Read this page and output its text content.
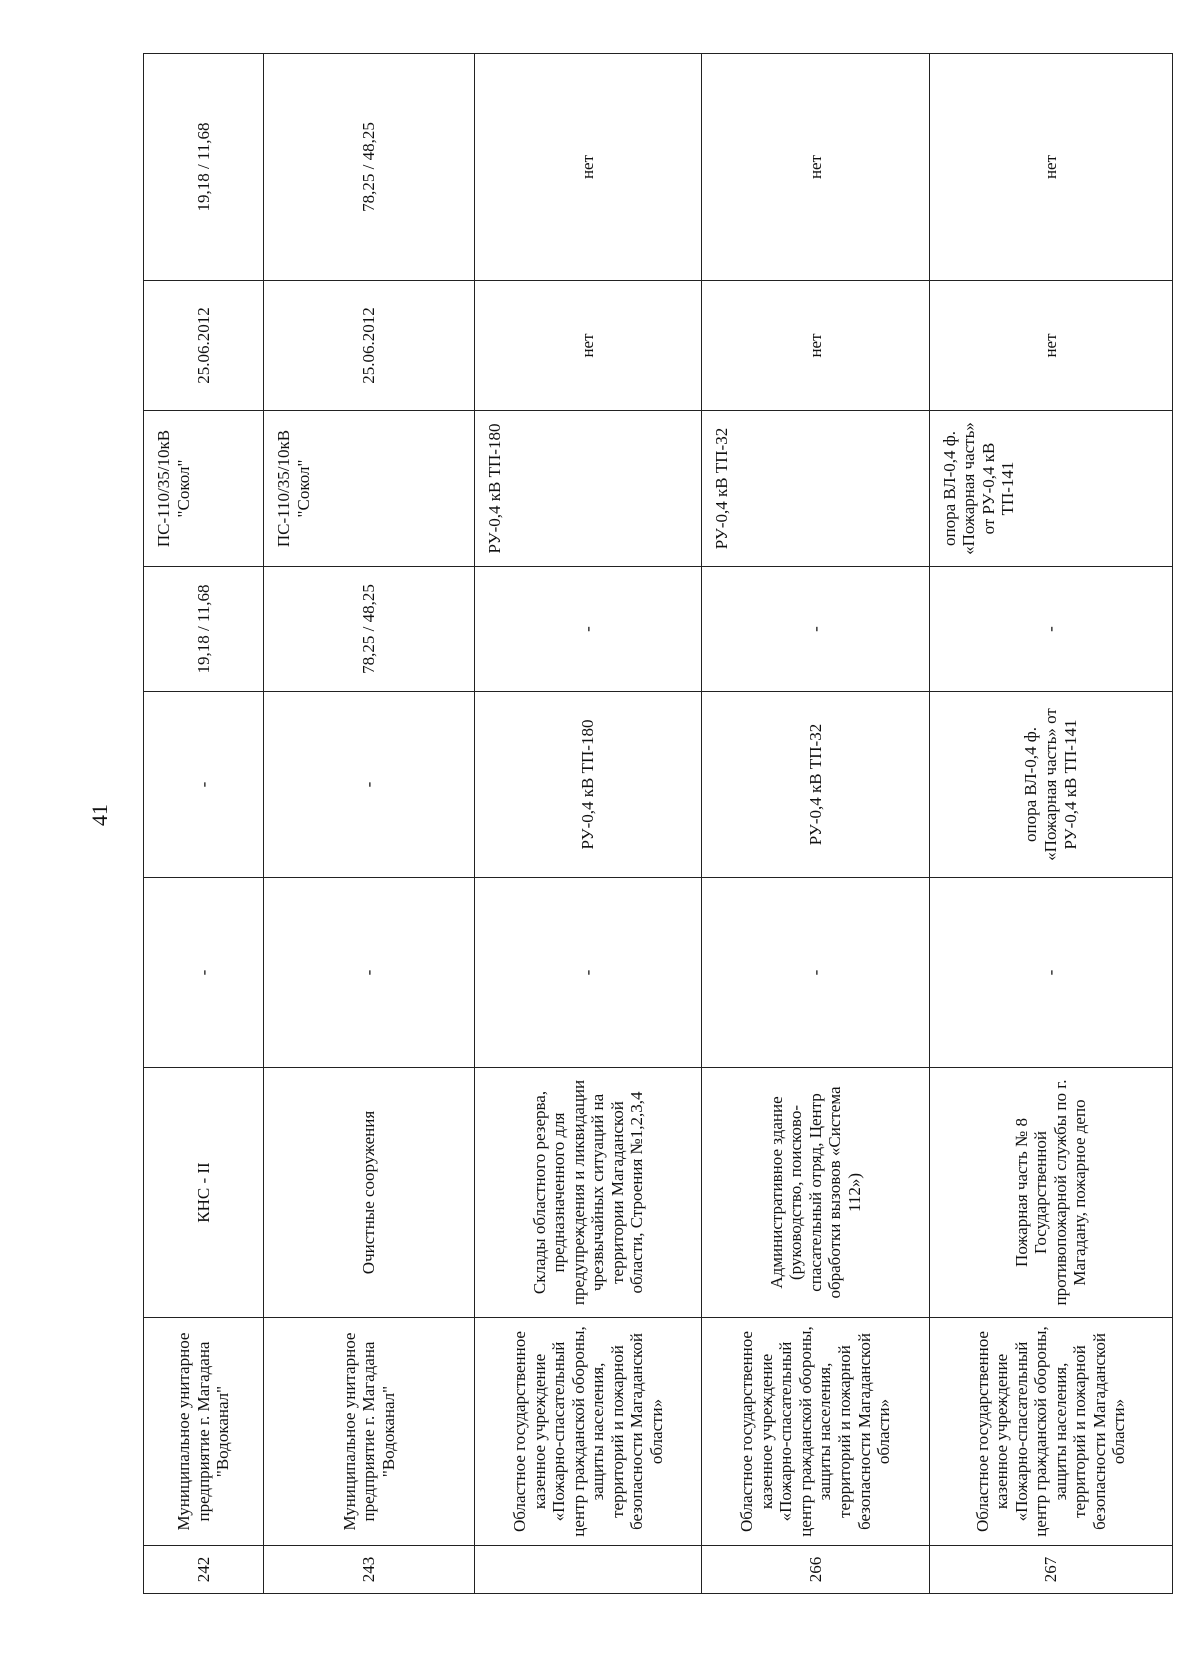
41
242	Муниципальное унитарное предприятие г. Магадана "Водоканал"	КНС - II	-	-	19,18 / 11,68	ПС-110/35/10кВ "Сокол"	25.06.2012	19,18 / 11,68
243	Муниципальное унитарное предприятие г. Магадана "Водоканал"	Очистные сооружения	-	-	78,25 / 48,25	ПС-110/35/10кВ "Сокол"	25.06.2012	78,25 / 48,25
	Областное государственное казенное учреждение «Пожарно-спасательный центр гражданской обороны, защиты населения, территорий и пожарной безопасности Магаданской области»	Склады областного резерва, предназначенного для предупреждения и ликвидации чрезвычайных ситуаций на территории Магаданской области, Строения №1,2,3,4	-	РУ-0,4 кВ ТП-180	-	РУ-0,4 кВ ТП-180	нет	нет
266	Областное государственное казенное учреждение «Пожарно-спасательный центр гражданской обороны, защиты населения, территорий и пожарной безопасности Магаданской области»	Административное здание (руководство, поисково-спасательный отряд, Центр обработки вызовов «Система 112»)	-	РУ-0,4 кВ ТП-32	-	РУ-0,4 кВ ТП-32	нет	нет
267	Областное государственное казенное учреждение «Пожарно-спасательный центр гражданской обороны, защиты населения, территорий и пожарной безопасности Магаданской области»	Пожарная часть № 8 Государственной противопожарной службы по г. Магадану, пожарное депо	-	опора ВЛ-0,4 ф. «Пожарная часть» от РУ-0,4 кВ ТП-141	-	опора ВЛ-0,4 ф. «Пожарная часть» от РУ-0,4 кВ ТП-141	нет	нет
